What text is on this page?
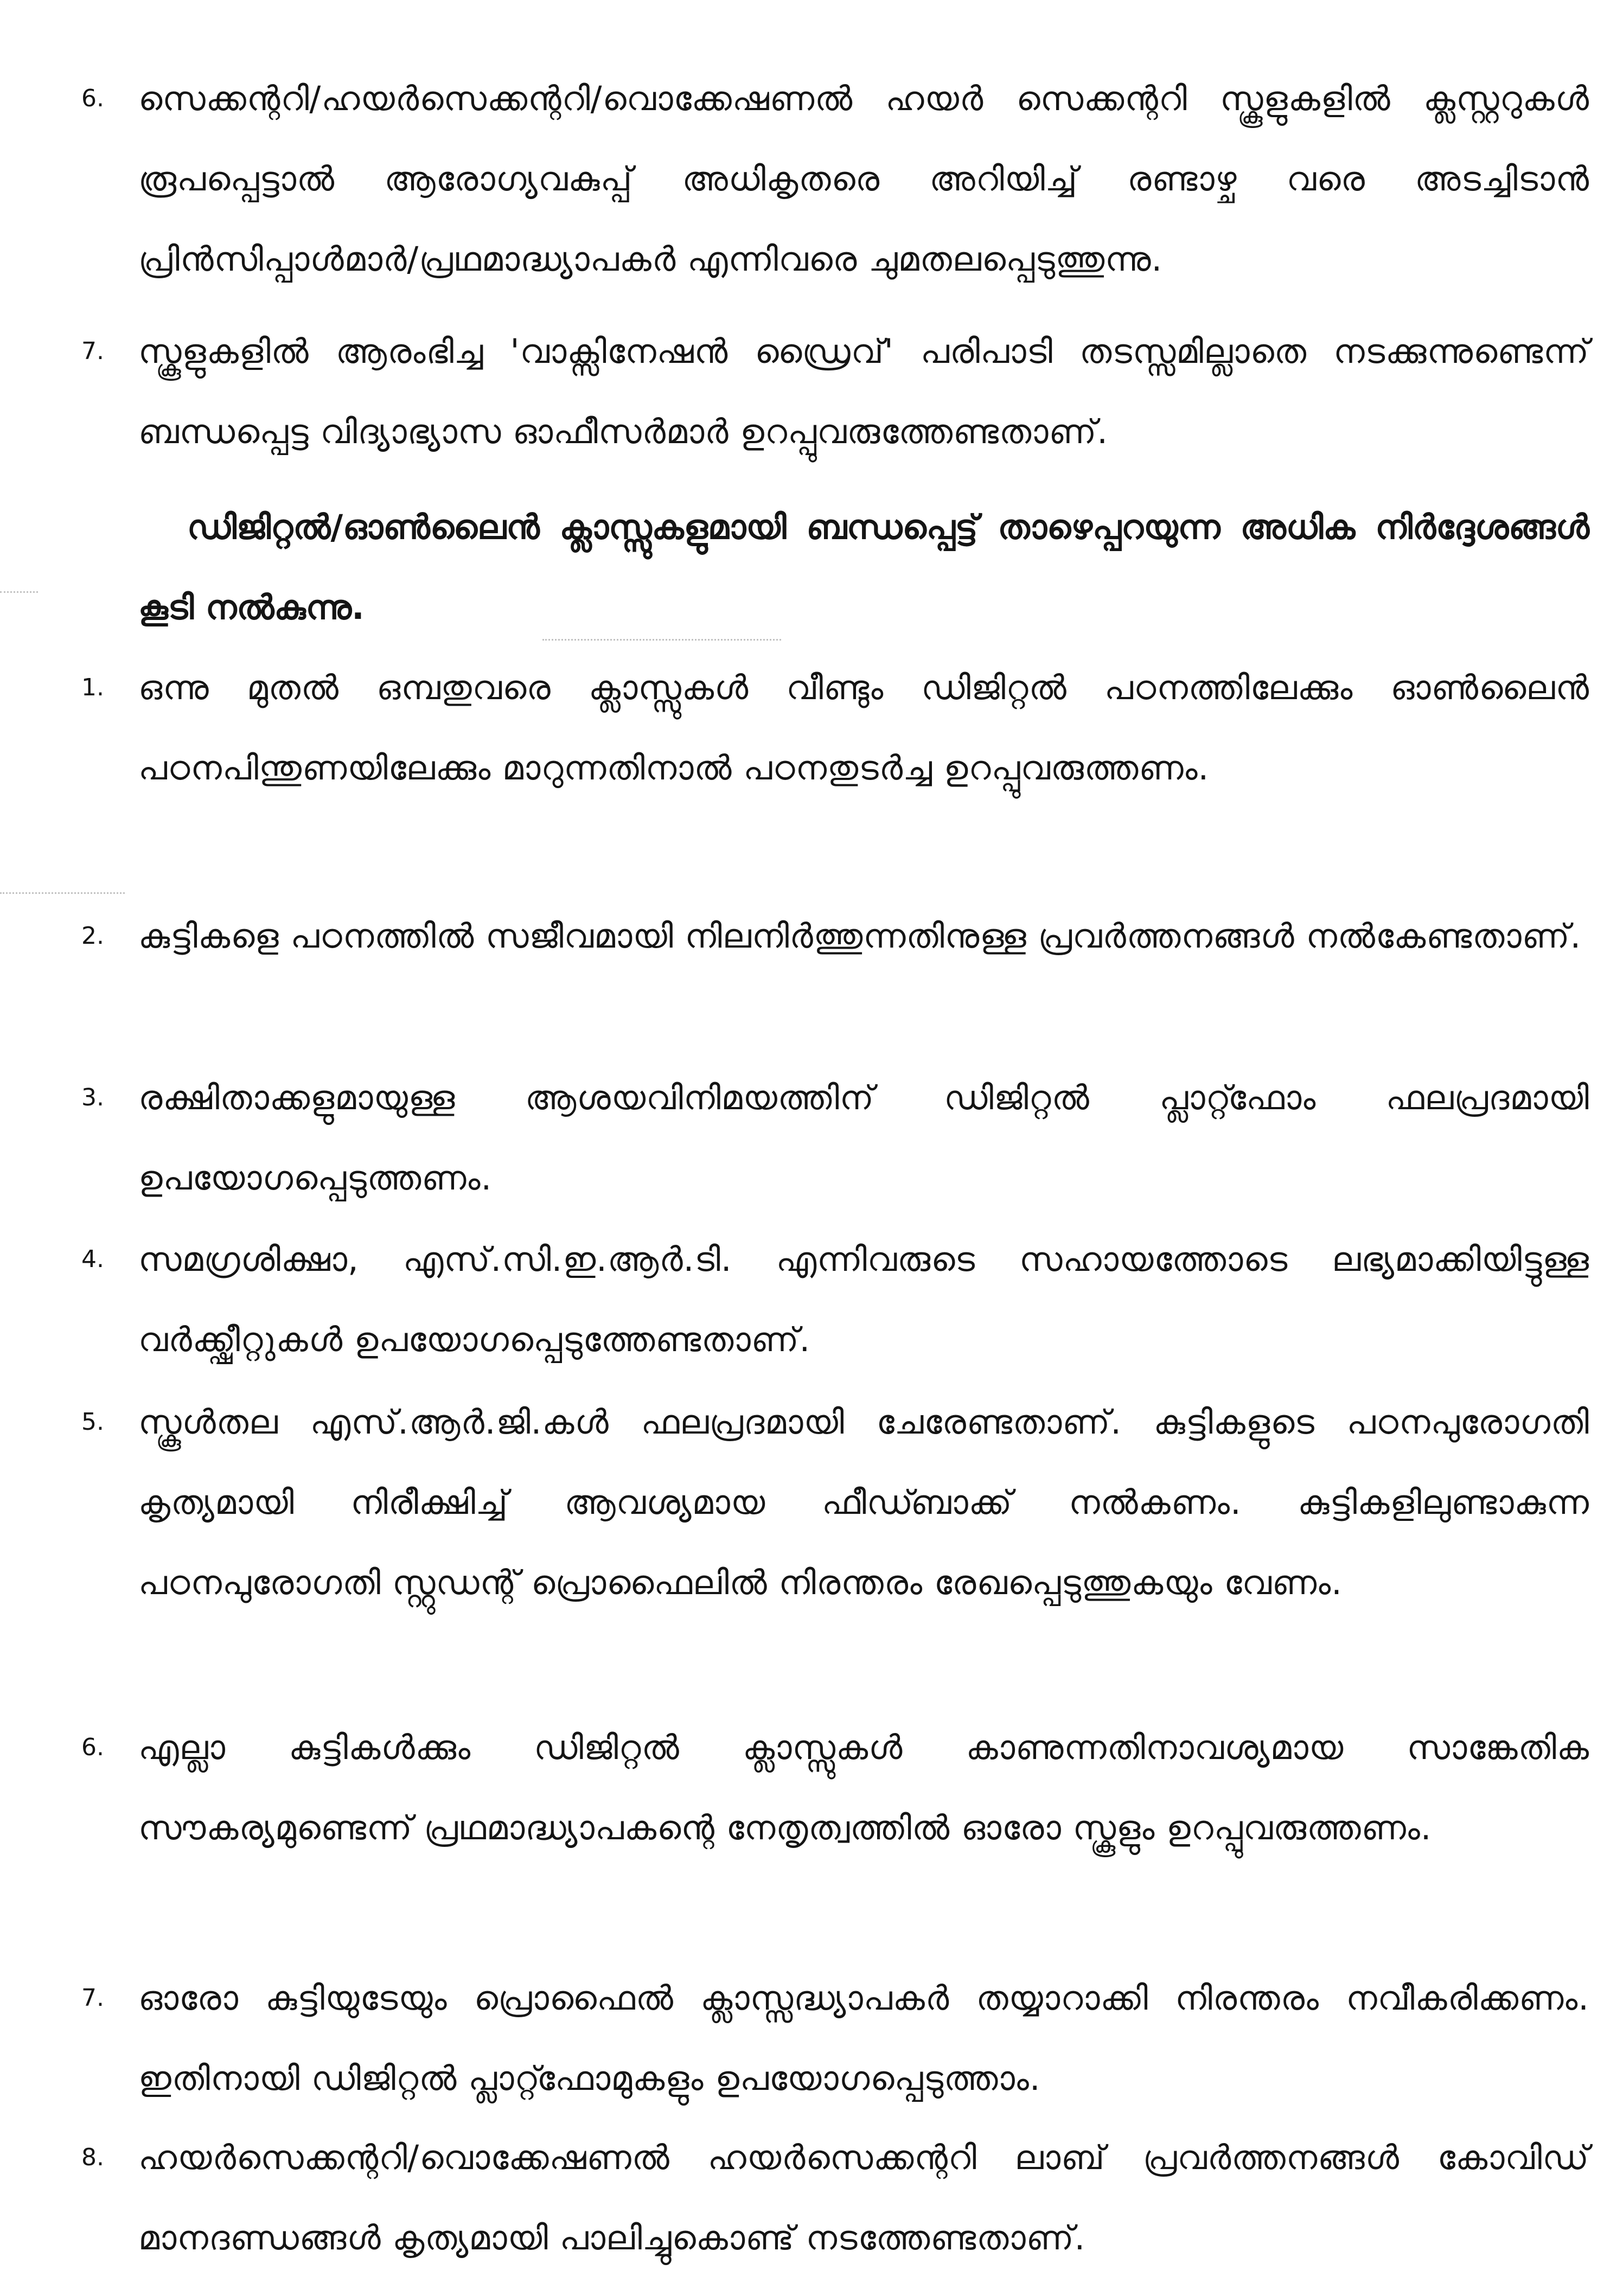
6.	സെക്കന്ററി/ഹയർസെക്കന്ററി/വൊക്കേഷണൽ ഹയർ സെക്കന്ററി സ്കൂളുകളിൽ ക്ലസ്റ്ററുകൾ രൂപപ്പെട്ടാൽ ആരോഗ്യവകുപ്പ് അധികൃതരെ അറിയിച്ച് രണ്ടാഴ്ച വരെ അടച്ചിടാൻ പ്രിൻസിപ്പാൾമാർ/പ്രഥമാദ്ധ്യാപകർ എന്നിവരെ ചുമതലപ്പെടുത്തുന്നു.
7.	സ്കൂളുകളിൽ ആരംഭിച്ച 'വാക്സിനേഷൻ ഡ്രൈവ്' പരിപാടി തടസ്സമില്ലാതെ നടക്കുന്നുണ്ടെന്ന് ബന്ധപ്പെട്ട വിദ്യാഭ്യാസ ഓഫീസർമാർ ഉറപ്പുവരുത്തേണ്ടതാണ്.
ഡിജിറ്റൽ/ഓൺലൈൻ ക്ലാസ്സുകളുമായി ബന്ധപ്പെട്ട് താഴെപ്പറയുന്ന അധിക നിർദ്ദേശങ്ങൾ കൂടി നൽകുന്നു.
1.	ഒന്നു മുതൽ ഒമ്പതുവരെ ക്ലാസ്സുകൾ വീണ്ടും ഡിജിറ്റൽ പഠനത്തിലേക്കും ഓൺലൈൻ പഠനപിന്തുണയിലേക്കും മാറുന്നതിനാൽ പഠനതുടർച്ച ഉറപ്പുവരുത്തണം.
2.	കുട്ടികളെ പഠനത്തിൽ സജീവമായി നിലനിർത്തുന്നതിനുള്ള പ്രവർത്തനങ്ങൾ നൽകേണ്ടതാണ്.
3.	രക്ഷിതാക്കളുമായുള്ള ആശയവിനിമയത്തിന് ഡിജിറ്റൽ പ്ലാറ്റ്ഫോം ഫലപ്രദമായി ഉപയോഗപ്പെടുത്തണം.
4.	സമഗ്രശിക്ഷാ, എസ്.സി.ഇ.ആർ.ടി. എന്നിവരുടെ സഹായത്തോടെ ലഭ്യമാക്കിയിട്ടുള്ള വർക്ക്ഷീറ്റുകൾ ഉപയോഗപ്പെടുത്തേണ്ടതാണ്.
5.	സ്കൂൾതല എസ്.ആർ.ജി.കൾ ഫലപ്രദമായി ചേരേണ്ടതാണ്. കുട്ടികളുടെ പഠനപുരോഗതി കൃത്യമായി നിരീക്ഷിച്ച് ആവശ്യമായ ഫീഡ്ബാക്ക് നൽകണം. കുട്ടികളിലുണ്ടാകുന്ന പഠനപുരോഗതി സ്റ്റുഡന്റ് പ്രൊഫൈലിൽ നിരന്തരം രേഖപ്പെടുത്തുകയും വേണം.
6.	എല്ലാ കുട്ടികൾക്കും ഡിജിറ്റൽ ക്ലാസ്സുകൾ കാണുന്നതിനാവശ്യമായ സാങ്കേതിക സൗകര്യമുണ്ടെന്ന് പ്രഥമാദ്ധ്യാപകന്റെ നേതൃത്വത്തിൽ ഓരോ സ്കൂളും ഉറപ്പുവരുത്തണം.
7.	ഓരോ കുട്ടിയുടേയും പ്രൊഫൈൽ ക്ലാസ്സദ്ധ്യാപകർ തയ്യാറാക്കി നിരന്തരം നവീകരിക്കണം. ഇതിനായി ഡിജിറ്റൽ പ്ലാറ്റ്ഫോമുകളും ഉപയോഗപ്പെടുത്താം.
8.	ഹയർസെക്കന്ററി/വൊക്കേഷണൽ ഹയർസെക്കന്ററി ലാബ് പ്രവർത്തനങ്ങൾ കോവിഡ് മാനദണ്ഡങ്ങൾ കൃത്യമായി പാലിച്ചുകൊണ്ട് നടത്തേണ്ടതാണ്.
